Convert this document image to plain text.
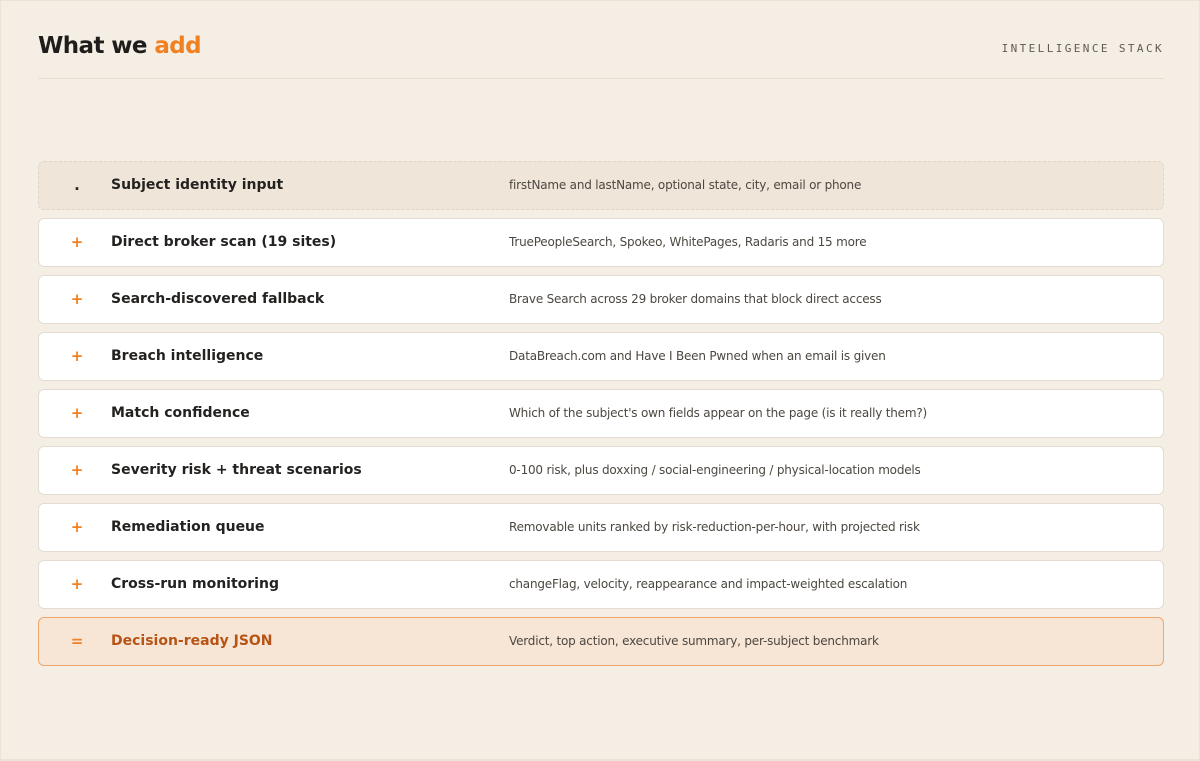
What we add	INTELLIGENCE STACK
.	Subject identity input	firstName and lastName, optional state, city, email or phone
+	Direct broker scan (19 sites)	TruePeopleSearch, Spokeo, WhitePages, Radaris and 15 more
+	Search-discovered fallback	Brave Search across 29 broker domains that block direct access
+	Breach intelligence	DataBreach.com and Have I Been Pwned when an email is given
+	Match confidence	Which of the subject's own fields appear on the page (is it really them?)
+	Severity risk + threat scenarios	0-100 risk, plus doxxing / social-engineering / physical-location models
+	Remediation queue	Removable units ranked by risk-reduction-per-hour, with projected risk
+	Cross-run monitoring	changeFlag, velocity, reappearance and impact-weighted escalation
=	Decision-ready JSON	Verdict, top action, executive summary, per-subject benchmark
